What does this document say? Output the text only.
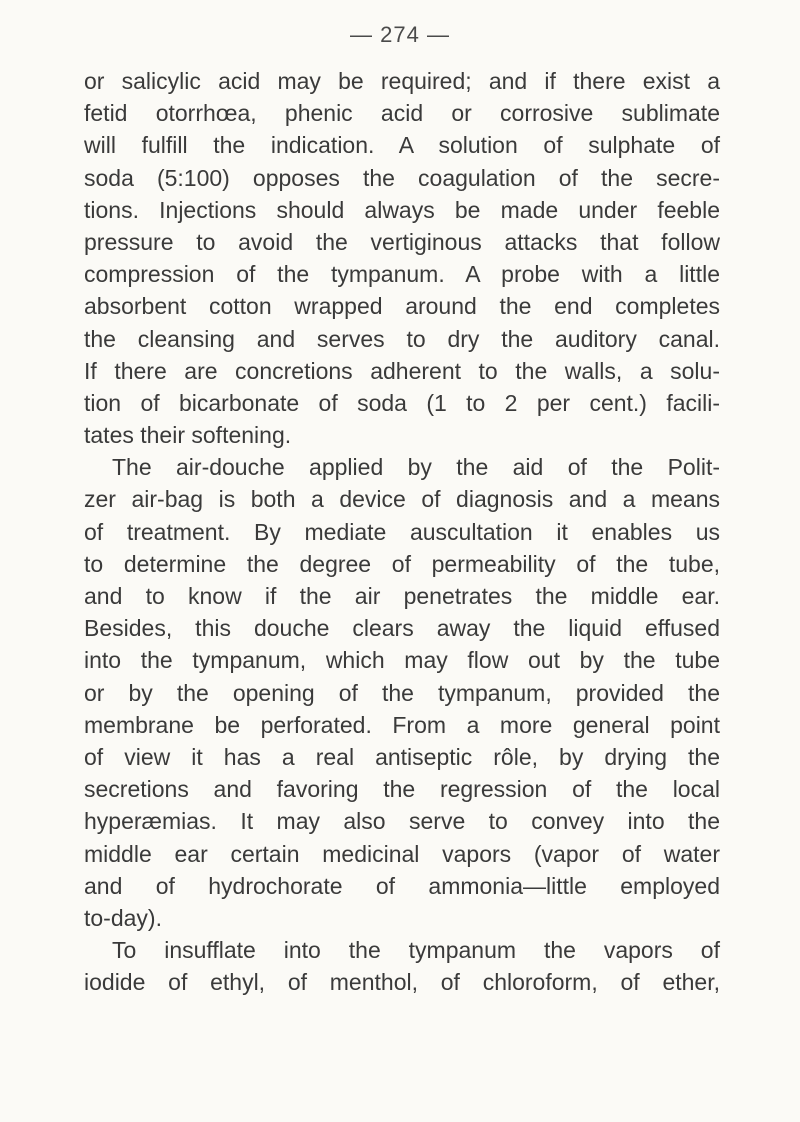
— 274 —
or salicylic acid may be required; and if there exist a
fetid otorrhœa, phenic acid or corrosive sublimate
will fulfill the indication. A solution of sulphate of
soda (5:100) opposes the coagulation of the secre-
tions. Injections should always be made under feeble
pressure to avoid the vertiginous attacks that follow
compression of the tympanum. A probe with a little
absorbent cotton wrapped around the end completes
the cleansing and serves to dry the auditory canal.
If there are concretions adherent to the walls, a solu-
tion of bicarbonate of soda (1 to 2 per cent.) facili-
tates their softening.
The air-douche applied by the aid of the Polit-
zer air-bag is both a device of diagnosis and a means
of treatment. By mediate auscultation it enables us
to determine the degree of permeability of the tube,
and to know if the air penetrates the middle ear.
Besides, this douche clears away the liquid effused
into the tympanum, which may flow out by the tube
or by the opening of the tympanum, provided the
membrane be perforated. From a more general point
of view it has a real antiseptic rôle, by drying the
secretions and favoring the regression of the local
hyperæmias. It may also serve to convey into the
middle ear certain medicinal vapors (vapor of water
and of hydrochorate of ammonia—little employed
to-day).
To insufflate into the tympanum the vapors of
iodide of ethyl, of menthol, of chloroform, of ether,
